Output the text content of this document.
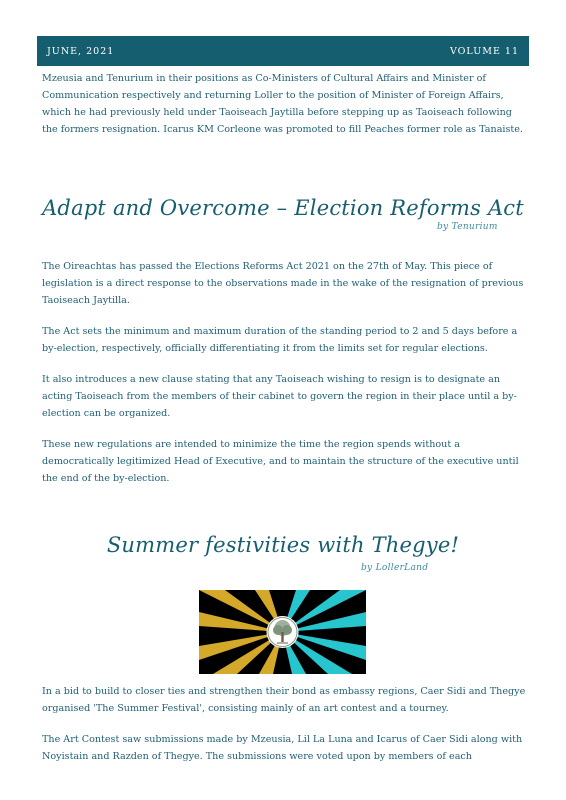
JUNE, 2021	VOLUME 11

Mzeusia and Tenurium in their positions as Co-Ministers of Cultural Affairs and Minister of Communication respectively and returning Loller to the position of Minister of Foreign Affairs, which he had previously held under Taoiseach Jaytilla before stepping up as Taoiseach following the formers resignation. Icarus KM Corleone was promoted to fill Peaches former role as Tanaiste.

Adapt and Overcome – Election Reforms Act
by Tenurium

The Oireachtas has passed the Elections Reforms Act 2021 on the 27th of May. This piece of legislation is a direct response to the observations made in the wake of the resignation of previous Taoiseach Jaytilla.

The Act sets the minimum and maximum duration of the standing period to 2 and 5 days before a by-election, respectively, officially differentiating it from the limits set for regular elections.

It also introduces a new clause stating that any Taoiseach wishing to resign is to designate an acting Taoiseach from the members of their cabinet to govern the region in their place until a by-election can be organized.

These new regulations are intended to minimize the time the region spends without a democratically legitimized Head of Executive, and to maintain the structure of the executive until the end of the by-election.

Summer festivities with Thegye!
by LollerLand

In a bid to build to closer ties and strengthen their bond as embassy regions, Caer Sidi and Thegye organised 'The Summer Festival', consisting mainly of an art contest and a tourney.

The Art Contest saw submissions made by Mzeusia, Lil La Luna and Icarus of Caer Sidi along with Noyistain and Razden of Thegye. The submissions were voted upon by members of each
